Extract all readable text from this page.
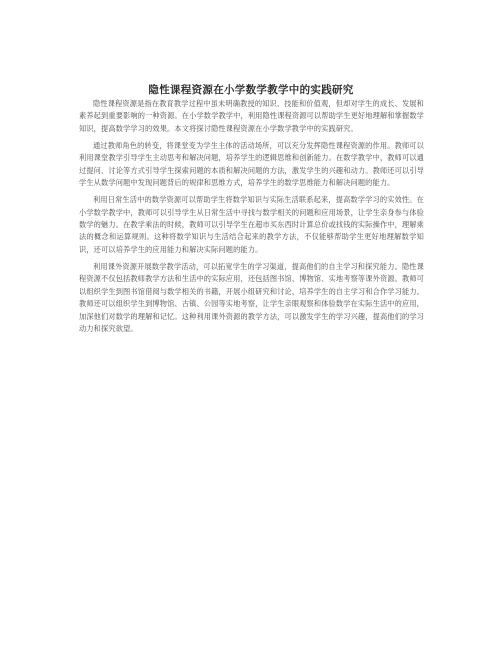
隐性课程资源在小学数学教学中的实践研究

隐性课程资源是指在教育教学过程中虽未明确教授的知识、技能和价值观，但却对学生的成长、发展和素养起到重要影响的一种资源。在小学数学教学中，利用隐性课程资源可以帮助学生更好地理解和掌握数学知识，提高数学学习的效果。本文将探讨隐性课程资源在小学数学教学中的实践研究。

通过教师角色的转变，将课堂变为学生主体的活动场所，可以充分发挥隐性课程资源的作用。教师可以利用课堂教学引导学生主动思考和解决问题，培养学生的逻辑思维和创新能力。在数学教学中，教师可以通过提问、讨论等方式引导学生探索问题的本质和解决问题的方法，激发学生的兴趣和动力。教师还可以引导学生从数学问题中发现问题背后的规律和思维方式，培养学生的数学思维能力和解决问题的能力。

利用日常生活中的数学资源可以帮助学生将数学知识与实际生活联系起来，提高数学学习的实效性。在小学数学教学中，教师可以引导学生从日常生活中寻找与数学相关的问题和应用场景，让学生亲身参与体验数学的魅力。在教学乘法的时候，教师可以引导学生在超市买东西时计算总价或找钱的实际操作中，理解乘法的概念和运算规则。这种将数学知识与生活结合起来的教学方法，不仅能够帮助学生更好地理解数学知识，还可以培养学生的应用能力和解决实际问题的能力。

利用课外资源开展数学教学活动，可以拓宽学生的学习渠道，提高他们的自主学习和探究能力。隐性课程资源不仅包括教师教学方法和生活中的实际应用，还包括图书馆、博物馆、实地考察等课外资源。教师可以组织学生到图书馆借阅与数学相关的书籍，开展小组研究和讨论，培养学生的自主学习和合作学习能力。教师还可以组织学生到博物馆、古镇、公园等实地考察，让学生亲眼观察和体验数学在实际生活中的应用，加深他们对数学的理解和记忆。这种利用课外资源的教学方法，可以激发学生的学习兴趣，提高他们的学习动力和探究欲望。
